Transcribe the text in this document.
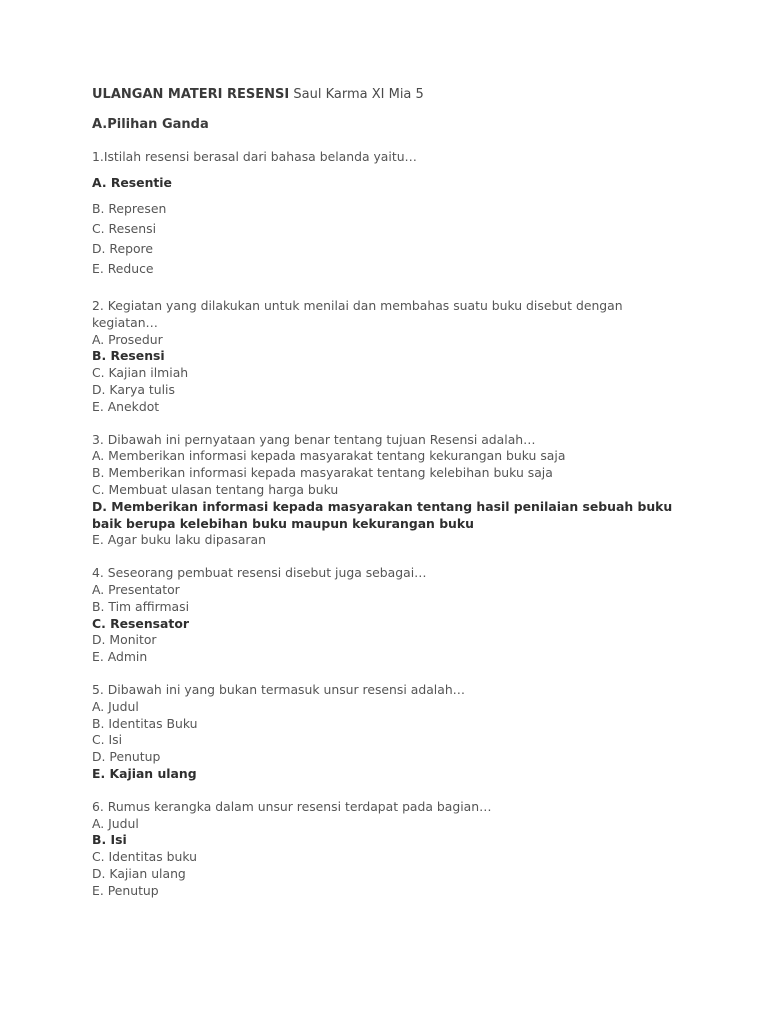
ULANGAN MATERI RESENSI Saul Karma XI Mia 5
A.Pilihan Ganda
1.Istilah resensi berasal dari bahasa belanda yaitu…
A. Resentie
B. Represen
C. Resensi
D. Repore
E. Reduce
2. Kegiatan yang dilakukan untuk menilai dan membahas suatu buku disebut dengan kegiatan…
A. Prosedur
B. Resensi
C. Kajian ilmiah
D. Karya tulis
E. Anekdot
3. Dibawah ini pernyataan yang benar tentang tujuan Resensi adalah…
A. Memberikan informasi kepada masyarakat tentang kekurangan buku saja
B. Memberikan informasi kepada masyarakat tentang kelebihan buku saja
C. Membuat ulasan tentang harga buku
D. Memberikan informasi kepada masyarakan tentang hasil penilaian sebuah buku baik berupa kelebihan buku maupun kekurangan buku
E. Agar buku laku dipasaran
4. Seseorang pembuat resensi disebut juga sebagai…
A. Presentator
B. Tim affirmasi
C. Resensator
D. Monitor
E. Admin
5. Dibawah ini yang bukan termasuk unsur resensi adalah…
A. Judul
B. Identitas Buku
C. Isi
D. Penutup
E. Kajian ulang
6. Rumus kerangka dalam unsur resensi terdapat pada bagian…
A. Judul
B. Isi
C. Identitas buku
D. Kajian ulang
E. Penutup
